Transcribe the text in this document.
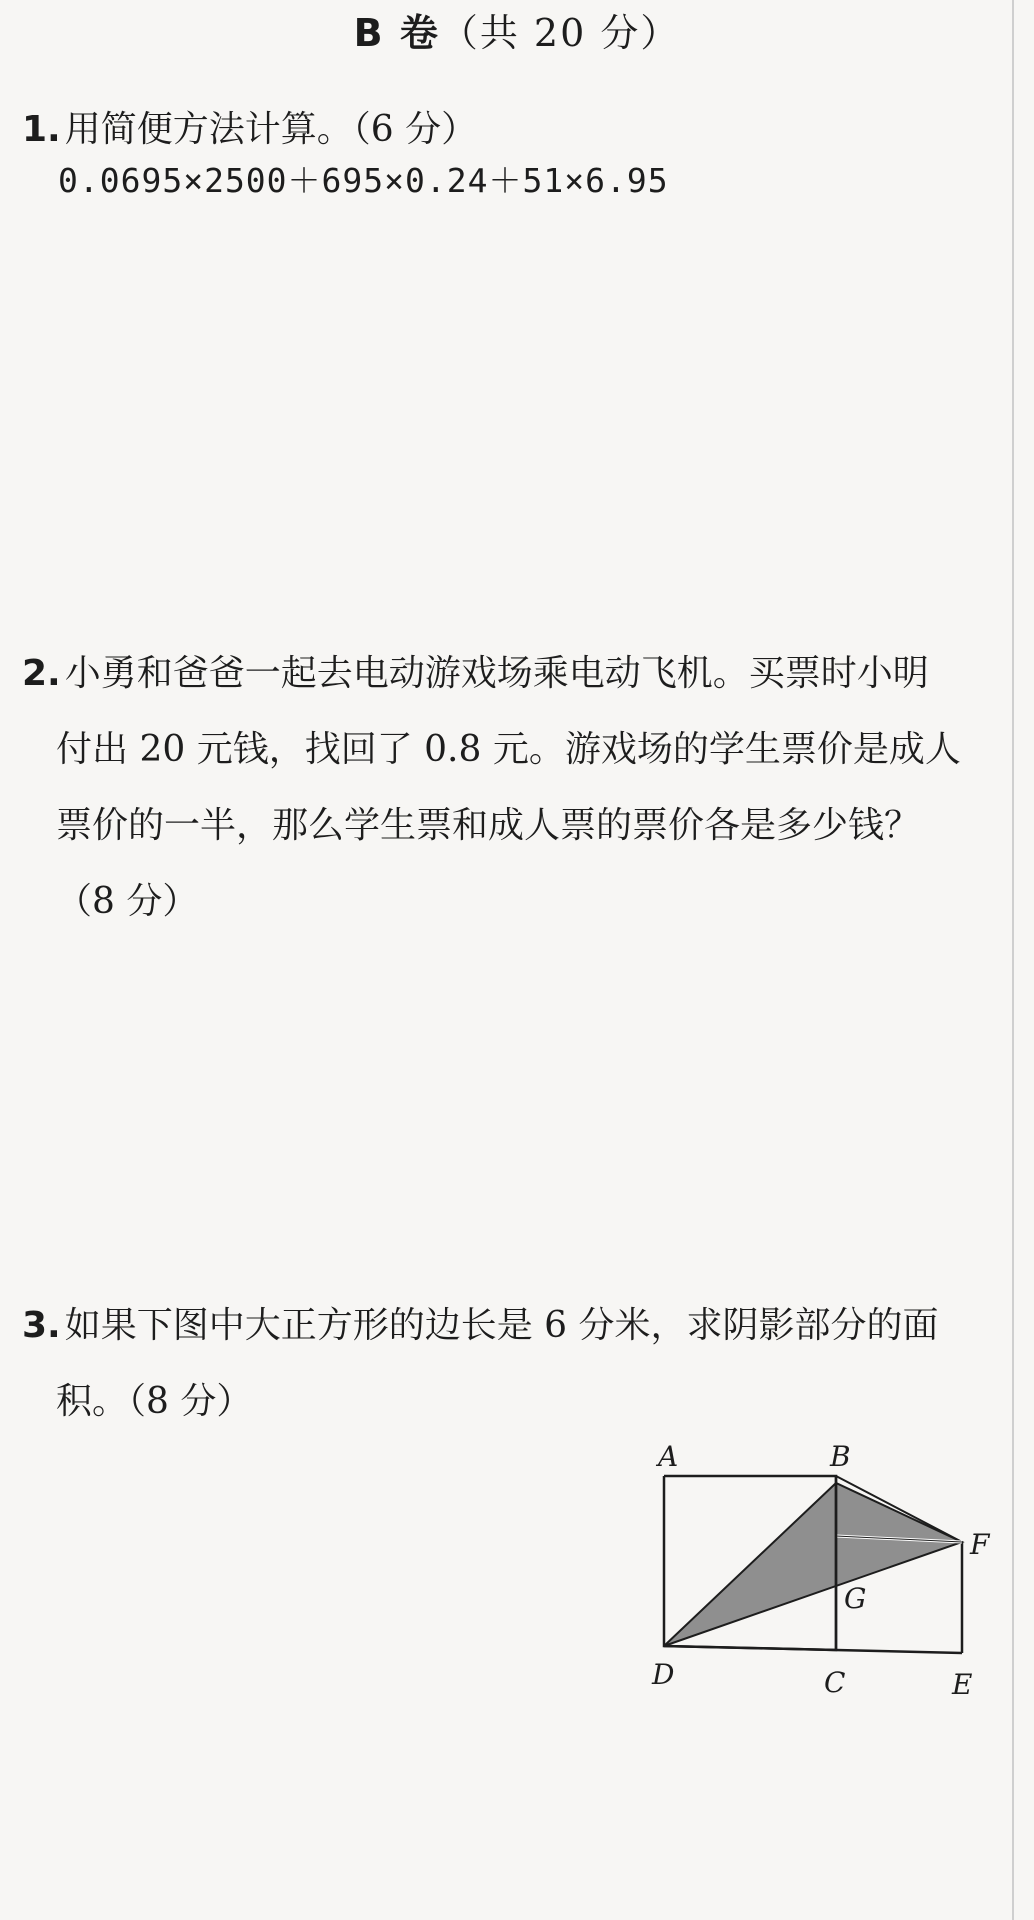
B 卷（共 20 分）
1. 用简便方法计算。（6 分）
0.0695×2500＋695×0.24＋51×6.95
2. 小勇和爸爸一起去电动游戏场乘电动飞机。买票时小明
付出 20 元钱，找回了 0.8 元。游戏场的学生票价是成人
票价的一半，那么学生票和成人票的票价各是多少钱？
（8 分）
3. 如果下图中大正方形的边长是 6 分米，求阴影部分的面
积。（8 分）
A	B
F
G
D	C	E
